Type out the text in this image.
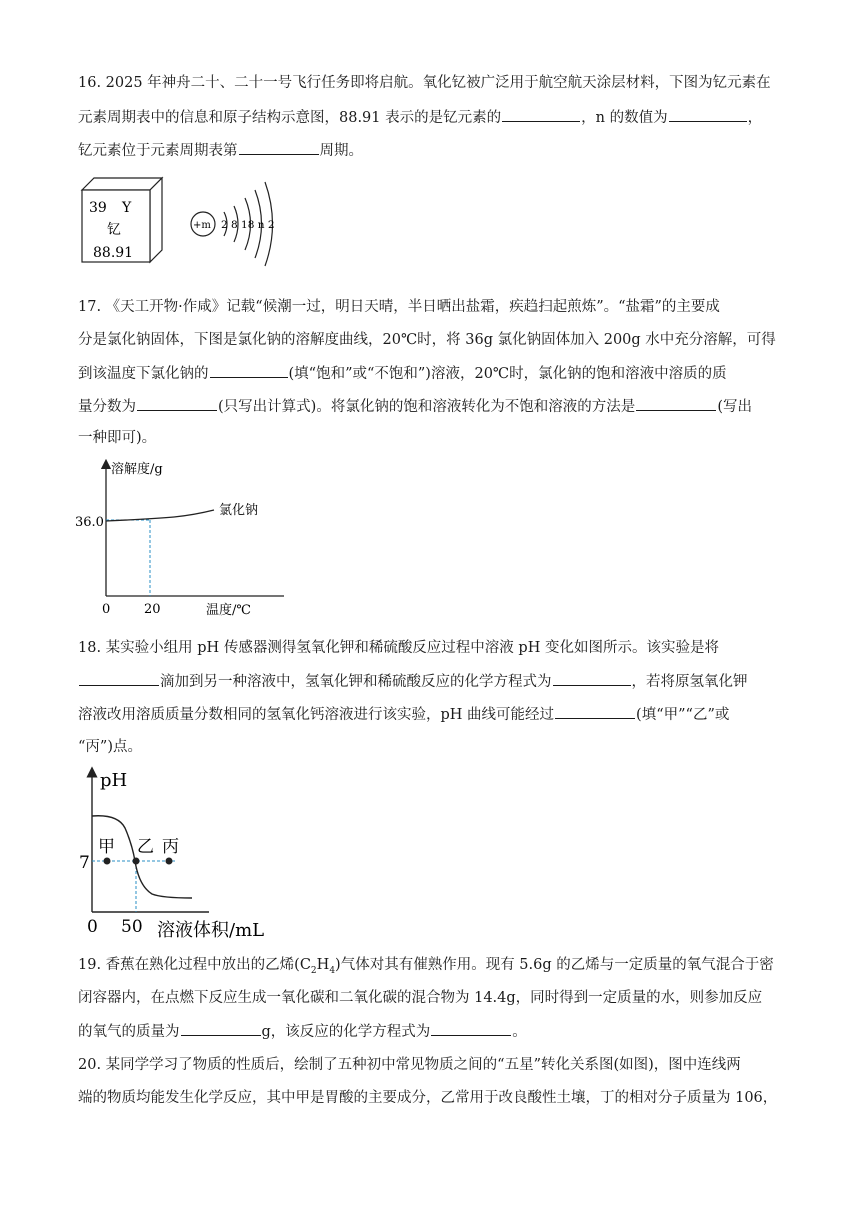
16. 2025 年神舟二十、二十一号飞行任务即将启航。氧化钇被广泛用于航空航天涂层材料，下图为钇元素在
元素周期表中的信息和原子结构示意图，88.91 表示的是钇元素的	，n 的数值为	，
钇元素位于元素周期表第	周期。
39 Y
钇
88.91
+m 2 8 18 n 2
17. 《天工开物·作咸》记载“候潮一过，明日天晴，半日晒出盐霜，疾趋扫起煎炼”。“盐霜”的主要成
分是氯化钠固体，下图是氯化钠的溶解度曲线，20℃时，将 36g 氯化钠固体加入 200g 水中充分溶解，可得
到该温度下氯化钠的	(填“饱和”或“不饱和”)溶液，20℃时，氯化钠的饱和溶液中溶质的质
量分数为	(只写出计算式)。将氯化钠的饱和溶液转化为不饱和溶液的方法是	(写出
一种即可)。
溶解度/g
温度/℃
36.0
0	20
氯化钠
18. 某实验小组用 pH 传感器测得氢氧化钾和稀硫酸反应过程中溶液 pH 变化如图所示。该实验是将
滴加到另一种溶液中，氢氧化钾和稀硫酸反应的化学方程式为	，若将原氢氧化钾
溶液改用溶质质量分数相同的氢氧化钙溶液进行该实验，pH 曲线可能经过	(填“甲”“乙”或
“丙”)点。
pH
溶液体积/mL
7
0 50
甲 乙 丙
19. 香蕉在熟化过程中放出的乙烯$(C_2H_4)$气体对其有催熟作用。现有 5.6g 的乙烯与一定质量的氧气混合于密
闭容器内，在点燃下反应生成一氧化碳和二氧化碳的混合物为 14.4g，同时得到一定质量的水，则参加反应
的氧气的质量为	g，该反应的化学方程式为	。
20. 某同学学习了物质的性质后，绘制了五种初中常见物质之间的“五星”转化关系图(如图)，图中连线两
端的物质均能发生化学反应，其中甲是胃酸的主要成分，乙常用于改良酸性土壤，丁的相对分子质量为 106，
